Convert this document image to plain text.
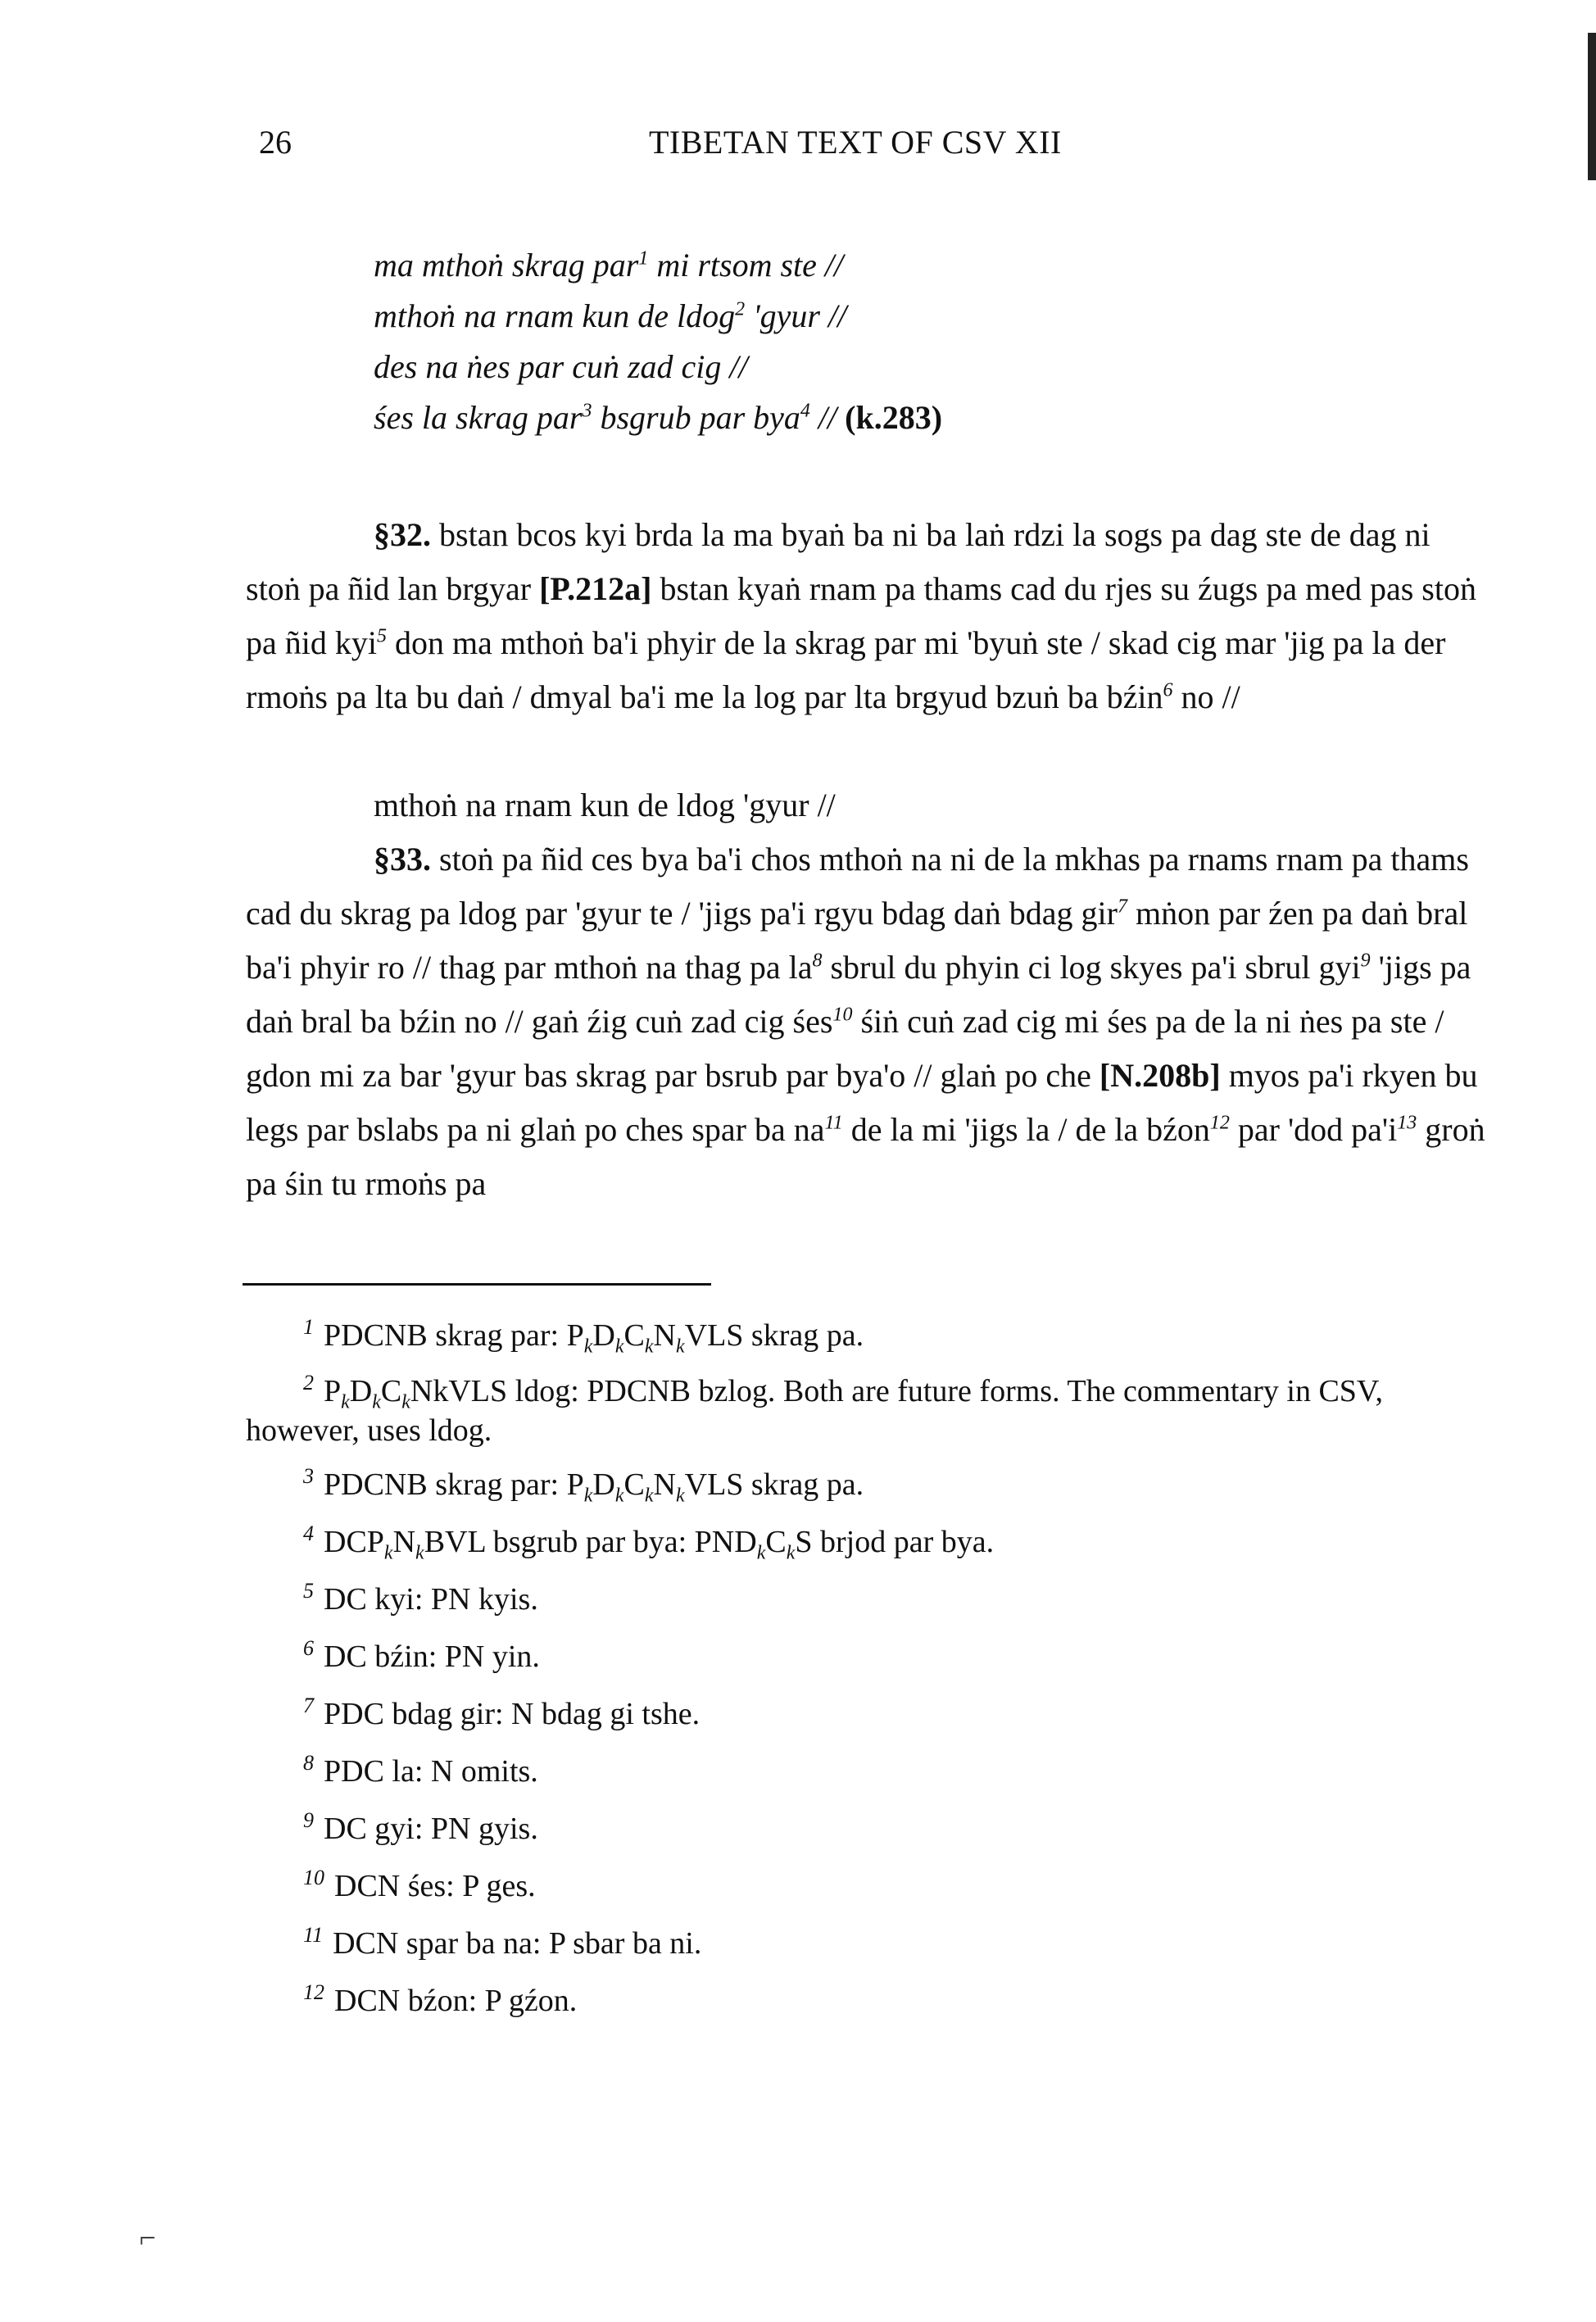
26	TIBETAN TEXT OF CSV XII
ma mthoṅ skrag par$^1$ mi rtsom ste //
mthoṅ na rnam kun de ldog$^2$ 'gyur //
des na ṅes par cuṅ zad cig //
śes la skrag par$^3$ bsgrub par bya$^4$ // (k.283)
§32. bstan bcos kyi brda la ma byaṅ ba ni ba laṅ rdzi la sogs pa dag ste de dag ni stoṅ pa ñid lan brgyar [P.212a] bstan kyaṅ rnam pa thams cad du rjes su źugs pa med pas stoṅ pa ñid kyi$^5$ don ma mthoṅ ba'i phyir de la skrag par mi 'byuṅ ste / skad cig mar 'jig pa la der rmoṅs pa lta bu daṅ / dmyal ba'i me la log par lta brgyud bzuṅ ba bźin$^6$ no //
mthoṅ na rnam kun de ldog 'gyur //
§33. stoṅ pa ñid ces bya ba'i chos mthoṅ na ni de la mkhas pa rnams rnam pa thams cad du skrag pa ldog par 'gyur te / 'jigs pa'i rgyu bdag daṅ bdag gir$^7$ mṅon par źen pa daṅ bral ba'i phyir ro // thag par mthoṅ na thag pa $la^8$ sbrul du phyin ci log skyes pa'i sbrul gyi$^9$ 'jigs pa daṅ bral ba bźin no // gaṅ źig cuṅ zad cig śes$^{10}$ śiṅ cuṅ zad cig mi śes pa de la ni ṅes pa ste / gdon mi za bar 'gyur bas skrag par bsrub par bya'o // glaṅ po che [N.208b] myos pa'i rkyen bu legs par bslabs pa ni glaṅ po ches spar ba $na^{11}$ de la mi 'jigs la / de la bźon$^{12}$ par 'dod $pa'i^{13}$ groṅ pa śin tu rmoṅs pa
$^1$ PDCNB skrag par: $P_kD_kC_kN_kVLS$ skrag pa.
$^2$ $P_kD_kC_kNkVLS$ ldog: PDCNB bzlog. Both are future forms. The commentary in CSV, however, uses ldog.
$^3$ PDCNB skrag par: $P_kD_kC_kN_kVLS$ skrag pa.
$^4$ $DCP_kN_kBVL$ bsgrub par bya: $PND_kC_kS$ brjod par bya.
$^5$ DC kyi: PN kyis.
$^6$ DC bźin: PN yin.
$^7$ PDC bdag gir: N bdag gi tshe.
$^8$ PDC la: N omits.
$^9$ DC gyi: PN gyis.
$^{10}$ DCN śes: P ges.
$^{11}$ DCN spar ba na: P sbar ba ni.
$^{12}$ DCN bźon: P gźon.
⌐
